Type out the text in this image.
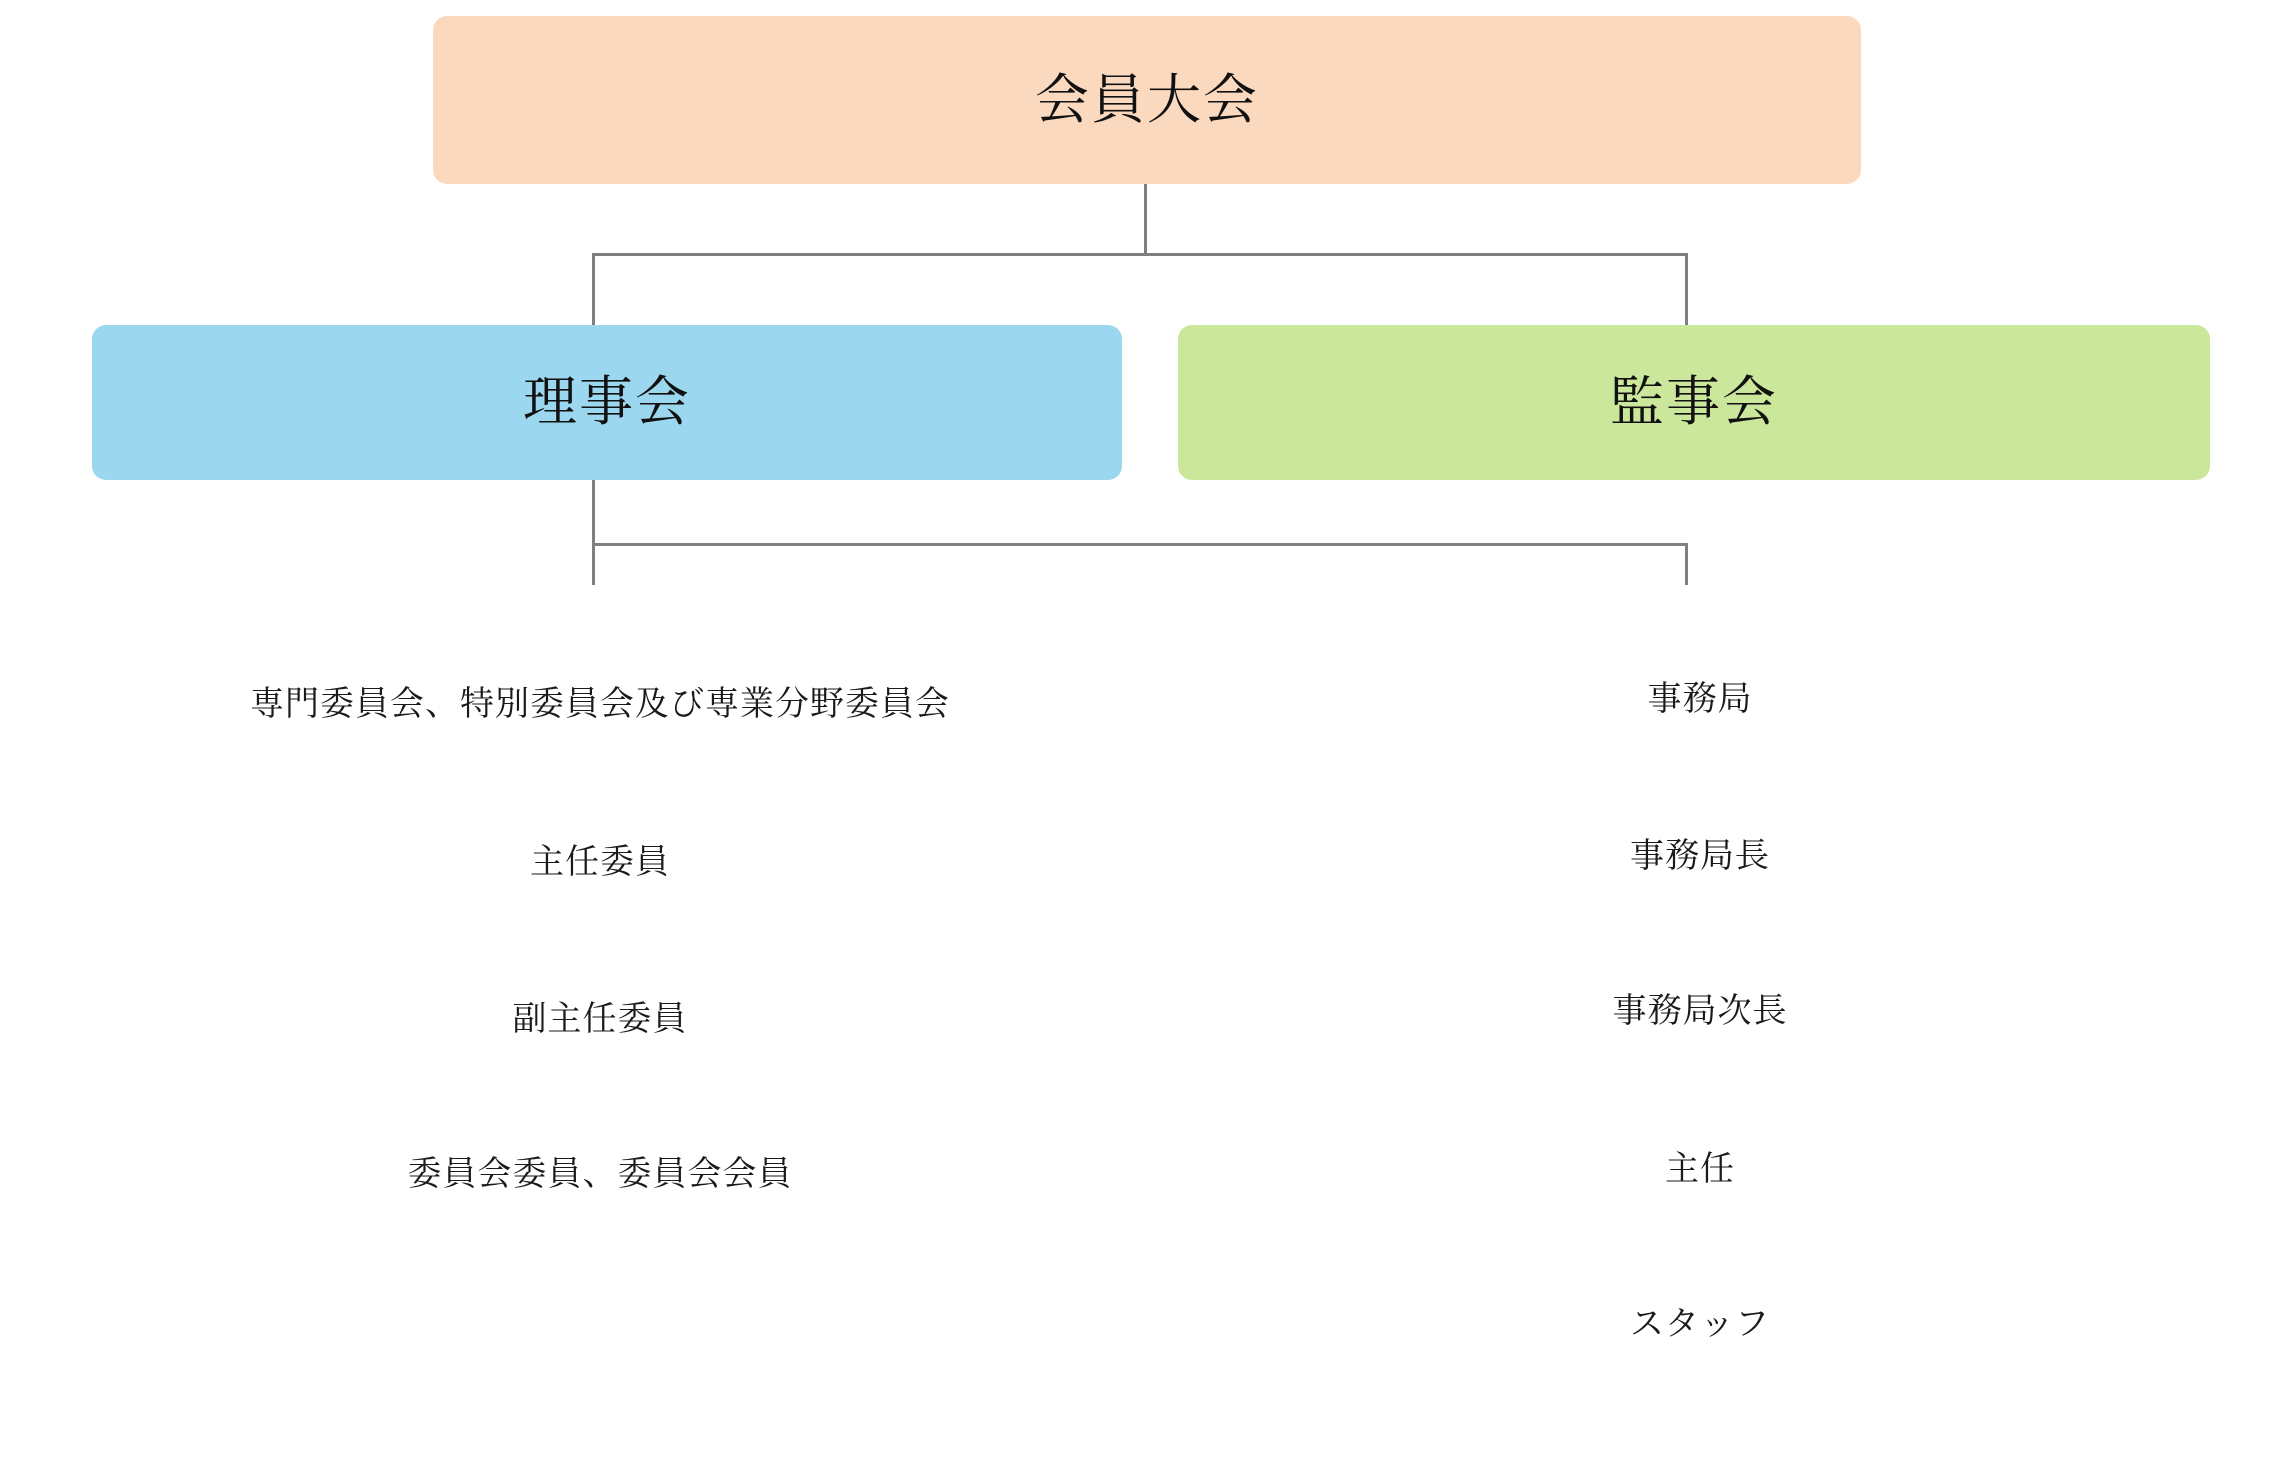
会員大会
理事会	監事会
専門委員会、特別委員会及び専業分野委員会
主任委員
副主任委員
委員会委員、委員会会員
事務局
事務局長
事務局次長
主任
スタッフ
